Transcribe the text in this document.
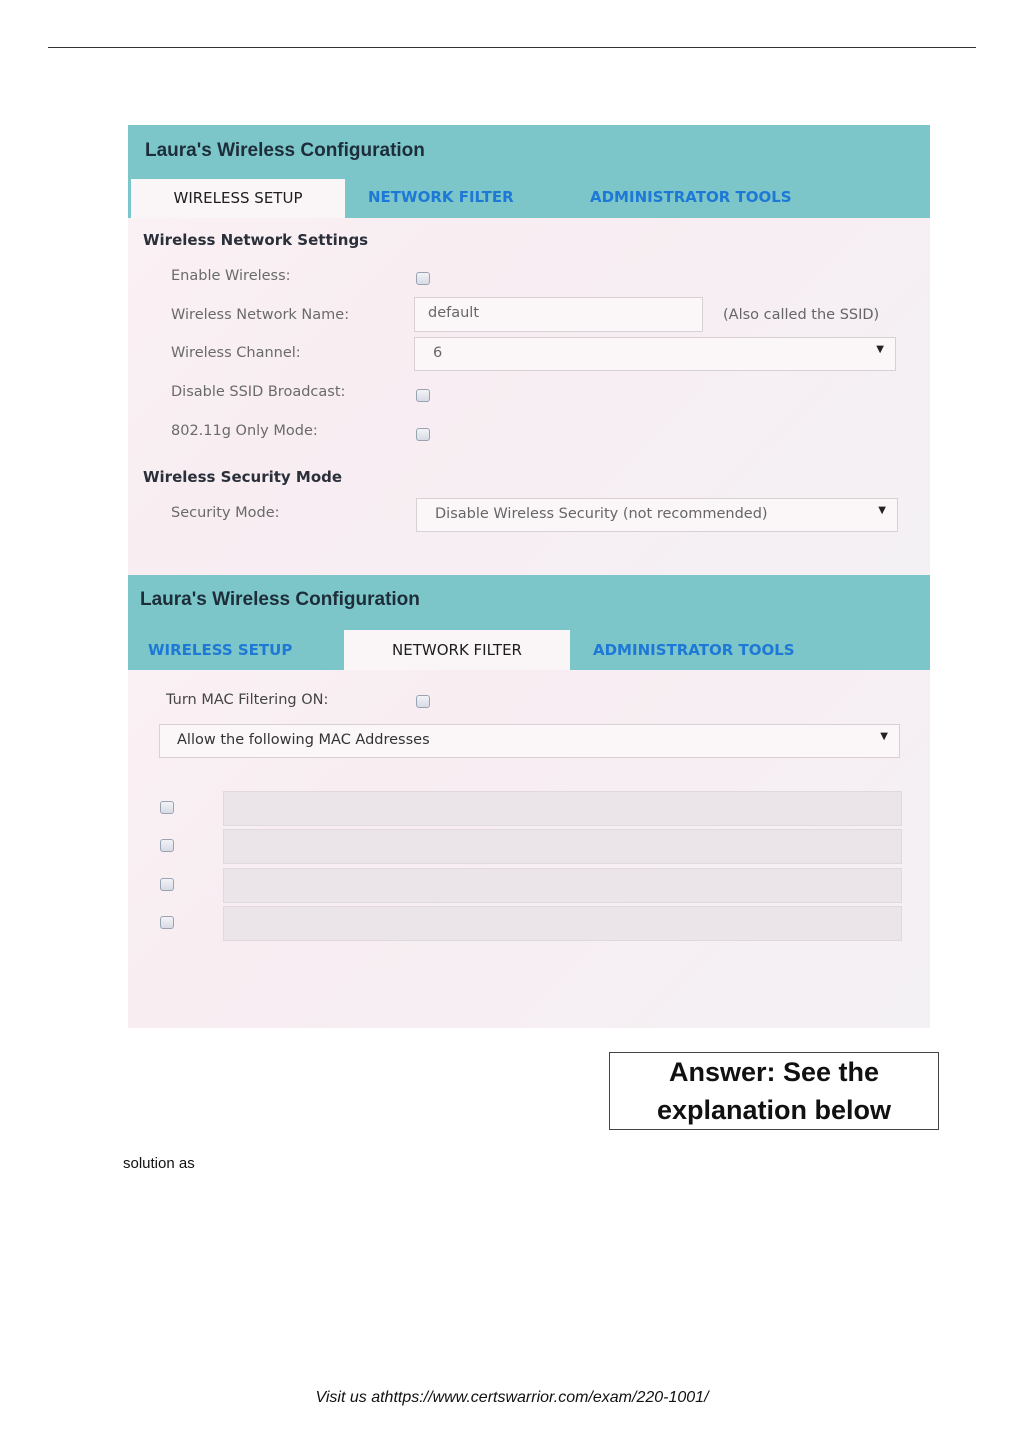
Laura's Wireless Configuration
WIRELESS SETUP	NETWORK FILTER	ADMINISTRATOR TOOLS
Wireless Network Settings
Enable Wireless:
Wireless Network Name:	default	(Also called the SSID)
Wireless Channel:	6	▼
Disable SSID Broadcast:
802.11g Only Mode:
Wireless Security Mode
Security Mode:	Disable Wireless Security (not recommended)	▼
Laura's Wireless Configuration
WIRELESS SETUP	NETWORK FILTER	ADMINISTRATOR TOOLS
Turn MAC Filtering ON:
Allow the following MAC Addresses	▼
Answer: See the
explanation below
solution as
Visit us athttps://www.certswarrior.com/exam/220-1001/
